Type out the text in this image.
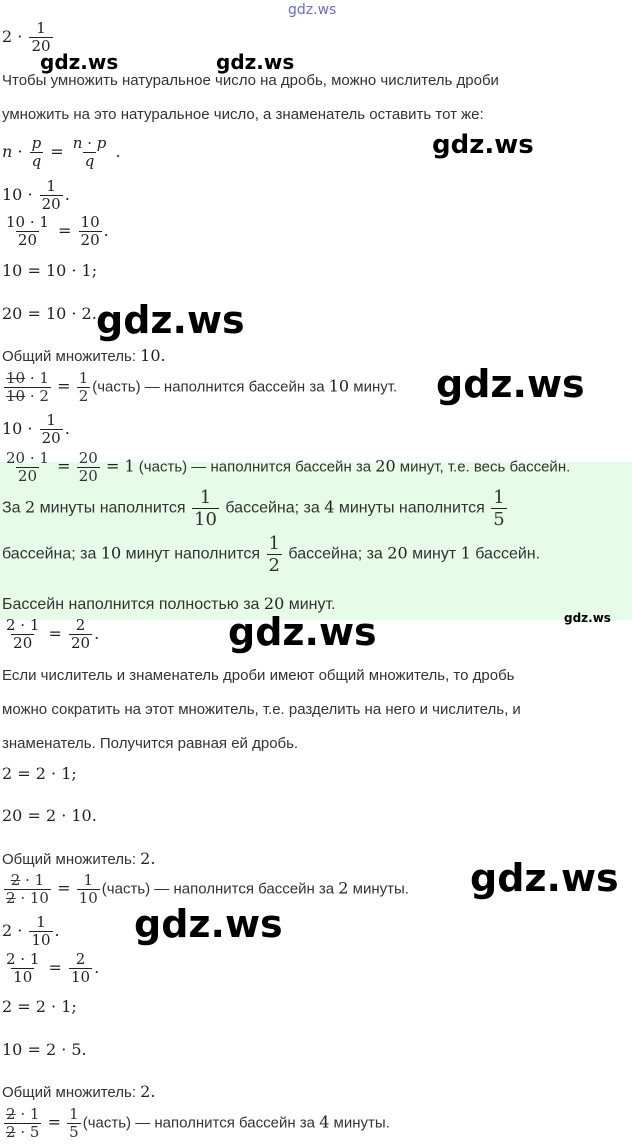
gdz.ws
$2 \cdot \frac{1}{20}$
Чтобы умножить натуральное число на дробь, можно числитель дроби
умножить на это натуральное число, а знаменатель оставить тот же:
$n \cdot \frac{p}{q} = \frac{n \cdot p}{q}$ .
$10 \cdot \frac{1}{20}$ .
$\frac{10 \cdot 1}{20} = \frac{10}{20}$ .
10 = 10 · 1;
20 = 10 · 2.
Общий множитель: 10.
$\frac{10 \cdot 1}{10 \cdot 2} = \frac{1}{2}$ (часть) — наполнится бассейн за 10 минут.
$10 \cdot \frac{1}{20}$ .
$\frac{20 \cdot 1}{20} = \frac{20}{20} = 1$ (часть) — наполнится бассейн за 20 минут, т.е. весь бассейн.
За 2 минуты наполнится $\frac{1}{10}$ бассейна; за 4 минуты наполнится $\frac{1}{5}$
бассейна; за 10 минут наполнится $\frac{1}{2}$ бассейна; за 20 минут 1 бассейн.
Бассейн наполнится полностью за 20 минут.
$\frac{2 \cdot 1}{20} = \frac{2}{20}$ .
Если числитель и знаменатель дроби имеют общий множитель, то дробь
можно сократить на этот множитель, т.е. разделить на него и числитель, и
знаменатель. Получится равная ей дробь.
2 = 2 · 1;
20 = 2 · 10.
Общий множитель: 2.
$\frac{2 \cdot 1}{2 \cdot 10} = \frac{1}{10}$ (часть) — наполнится бассейн за 2 минуты.
$2 \cdot \frac{1}{10}$ .
$\frac{2 \cdot 1}{10} = \frac{2}{10}$ .
2 = 2 · 1;
10 = 2 · 5.
Общий множитель: 2.
$\frac{2 \cdot 1}{2 \cdot 5} = \frac{1}{5}$ (часть) — наполнится бассейн за 4 минуты.
gdz.ws	gdz.ws
gdz.ws
gdz.ws
gdz.ws
gdz.ws	gdz.ws
gdz.ws
gdz.ws
